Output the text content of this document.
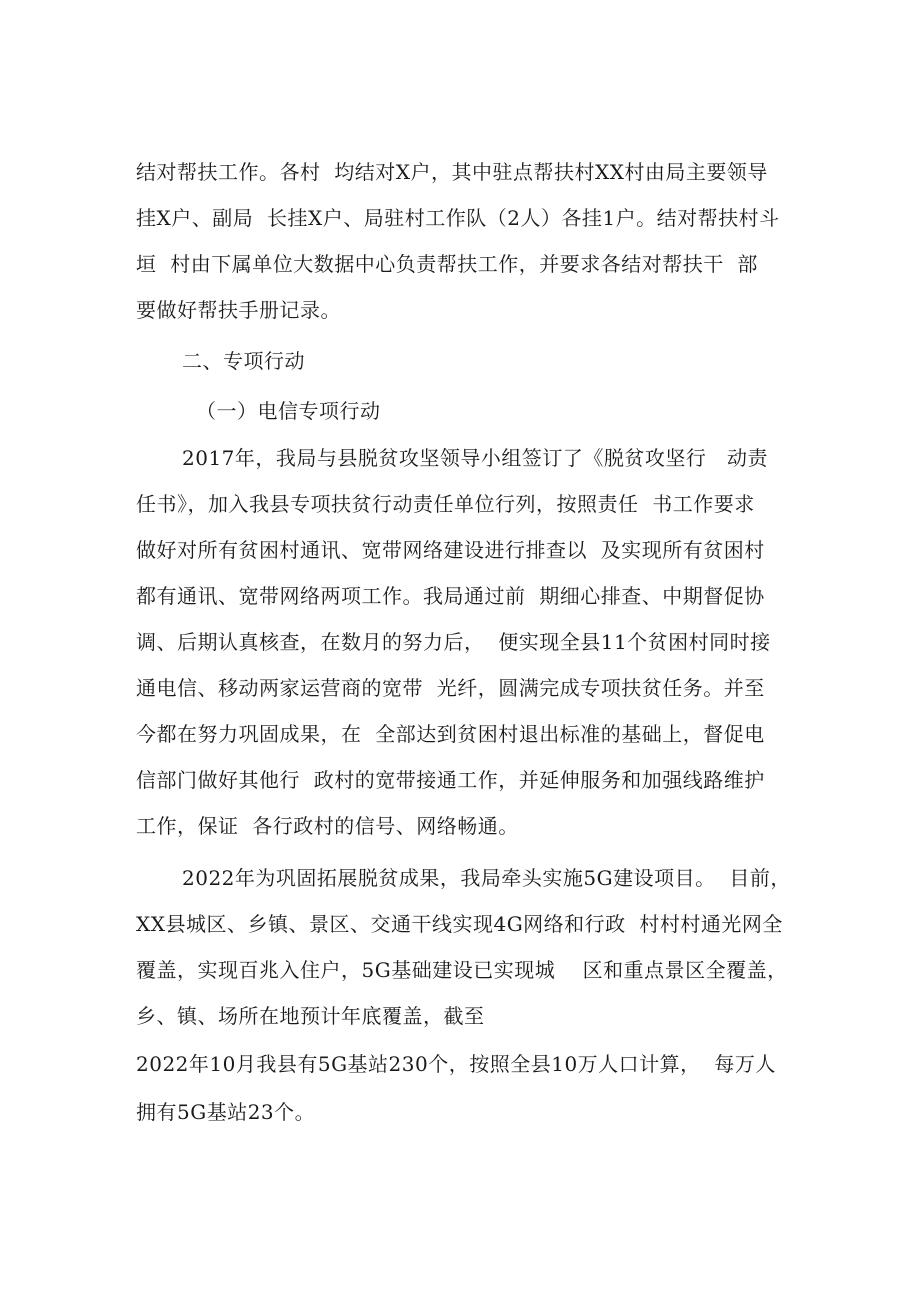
结对帮扶工作。各村  均结对X户，其中驻点帮扶村XX村由局主要领导
挂X户、副局  长挂X户、局驻村工作队（2人）各挂1户。结对帮扶村斗
垣  村由下属单位大数据中心负责帮扶工作，并要求各结对帮扶干  部
要做好帮扶手册记录。
二、专项行动
（一）电信专项行动
2017年，我局与县脱贫攻坚领导小组签订了《脱贫攻坚行   动责
任书》，加入我县专项扶贫行动责任单位行列，按照责任  书工作要求
做好对所有贫困村通讯、宽带网络建设进行排查以  及实现所有贫困村
都有通讯、宽带网络两项工作。我局通过前  期细心排查、中期督促协
调、后期认真核查，在数月的努力后，  便实现全县11个贫困村同时接
通电信、移动两家运营商的宽带  光纤，圆满完成专项扶贫任务。并至
今都在努力巩固成果，在  全部达到贫困村退出标准的基础上，督促电
信部门做好其他行  政村的宽带接通工作，并延伸服务和加强线路维护
工作，保证  各行政村的信号、网络畅通。
2022年为巩固拓展脱贫成果，我局牵头实施5G建设项目。  目前，
XX县城区、乡镇、景区、交通干线实现4G网络和行政  村村村通光网全
覆盖，实现百兆入住户，5G基础建设已实现城    区和重点景区全覆盖，
乡、镇、场所在地预计年底覆盖，截至
2022年10月我县有5G基站230个，按照全县10万人口计算，  每万人
拥有5G基站23个。
